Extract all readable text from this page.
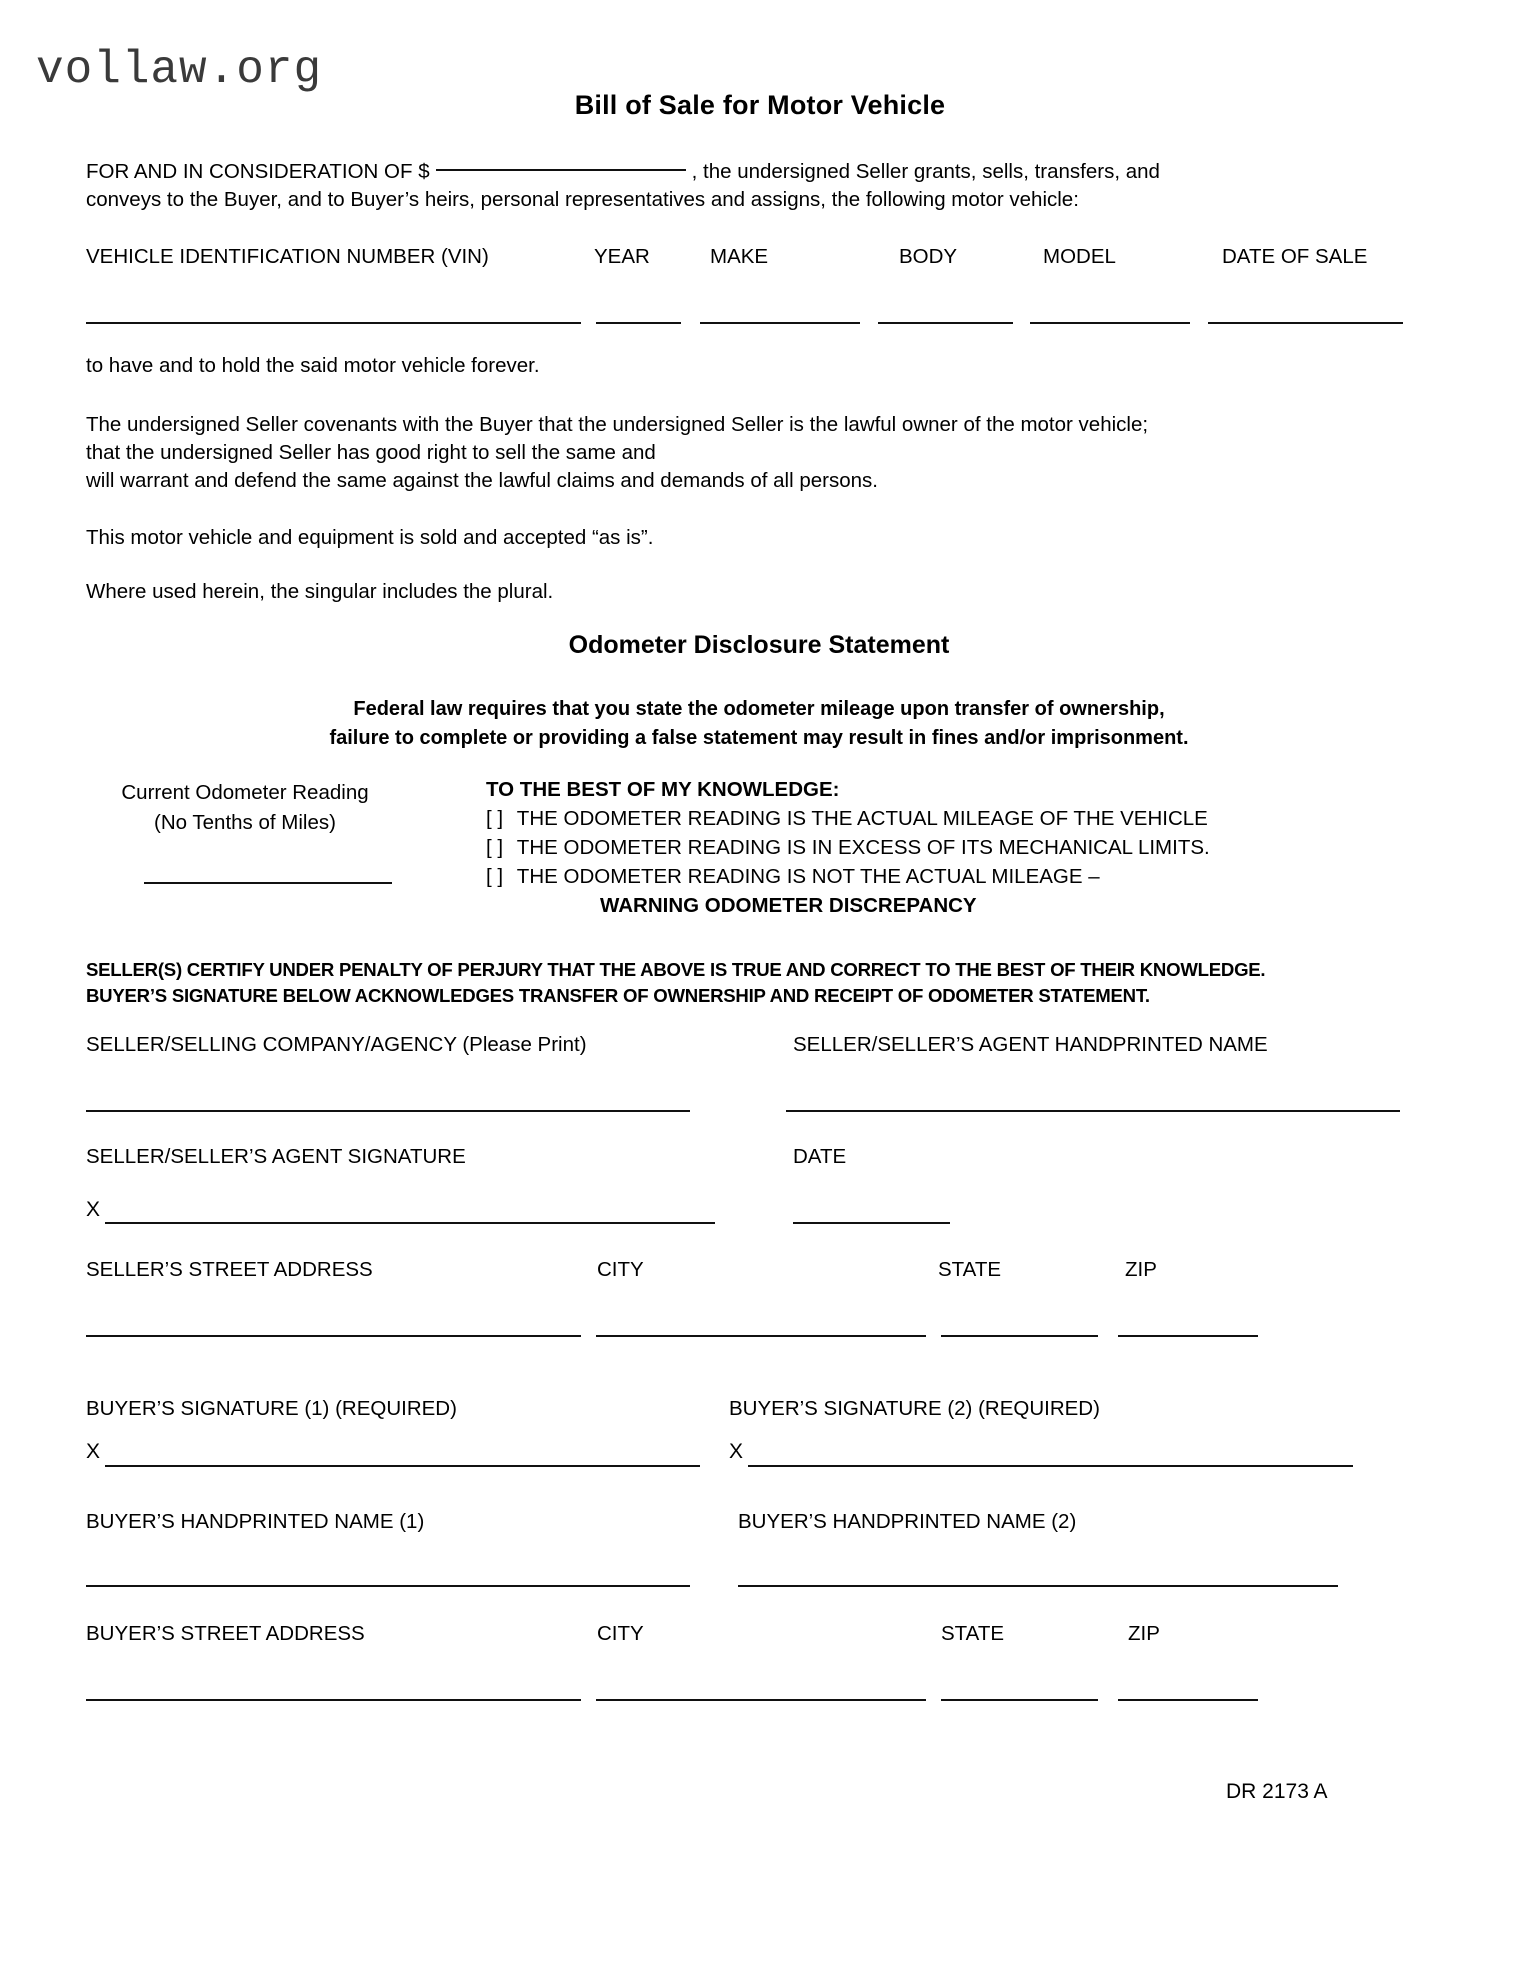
vollaw.org
Bill of Sale for Motor Vehicle
FOR AND IN CONSIDERATION OF $	, the undersigned Seller grants, sells, transfers, and
conveys to the Buyer, and to Buyer’s heirs, personal representatives and assigns, the following motor vehicle:
VEHICLE IDENTIFICATION NUMBER (VIN)	YEAR	MAKE	BODY	MODEL	DATE OF SALE
to have and to hold the said motor vehicle forever.
The undersigned Seller covenants with the Buyer that the undersigned Seller is the lawful owner of the motor vehicle;
that the undersigned Seller has good right to sell the same and
will warrant and defend the same against the lawful claims and demands of all persons.
This motor vehicle and equipment is sold and accepted “as is”.
Where used herein, the singular includes the plural.
Odometer Disclosure Statement
Federal law requires that you state the odometer mileage upon transfer of ownership,
failure to complete or providing a false statement may result in fines and/or imprisonment.
Current Odometer Reading
(No Tenths of Miles)
TO THE BEST OF MY KNOWLEDGE:
[ ] THE ODOMETER READING IS THE ACTUAL MILEAGE OF THE VEHICLE
[ ] THE ODOMETER READING IS IN EXCESS OF ITS MECHANICAL LIMITS.
[ ] THE ODOMETER READING IS NOT THE ACTUAL MILEAGE –
WARNING ODOMETER DISCREPANCY
SELLER(S) CERTIFY UNDER PENALTY OF PERJURY THAT THE ABOVE IS TRUE AND CORRECT TO THE BEST OF THEIR KNOWLEDGE.
BUYER’S SIGNATURE BELOW ACKNOWLEDGES TRANSFER OF OWNERSHIP AND RECEIPT OF ODOMETER STATEMENT.
SELLER/SELLING COMPANY/AGENCY (Please Print)	SELLER/SELLER’S AGENT HANDPRINTED NAME
SELLER/SELLER’S AGENT SIGNATURE	DATE
X
SELLER’S STREET ADDRESS	CITY	STATE	ZIP
BUYER’S SIGNATURE (1) (REQUIRED)	BUYER’S SIGNATURE (2) (REQUIRED)
X	X
BUYER’S HANDPRINTED NAME (1)	BUYER’S HANDPRINTED NAME (2)
BUYER’S STREET ADDRESS	CITY	STATE	ZIP
DR 2173 A
